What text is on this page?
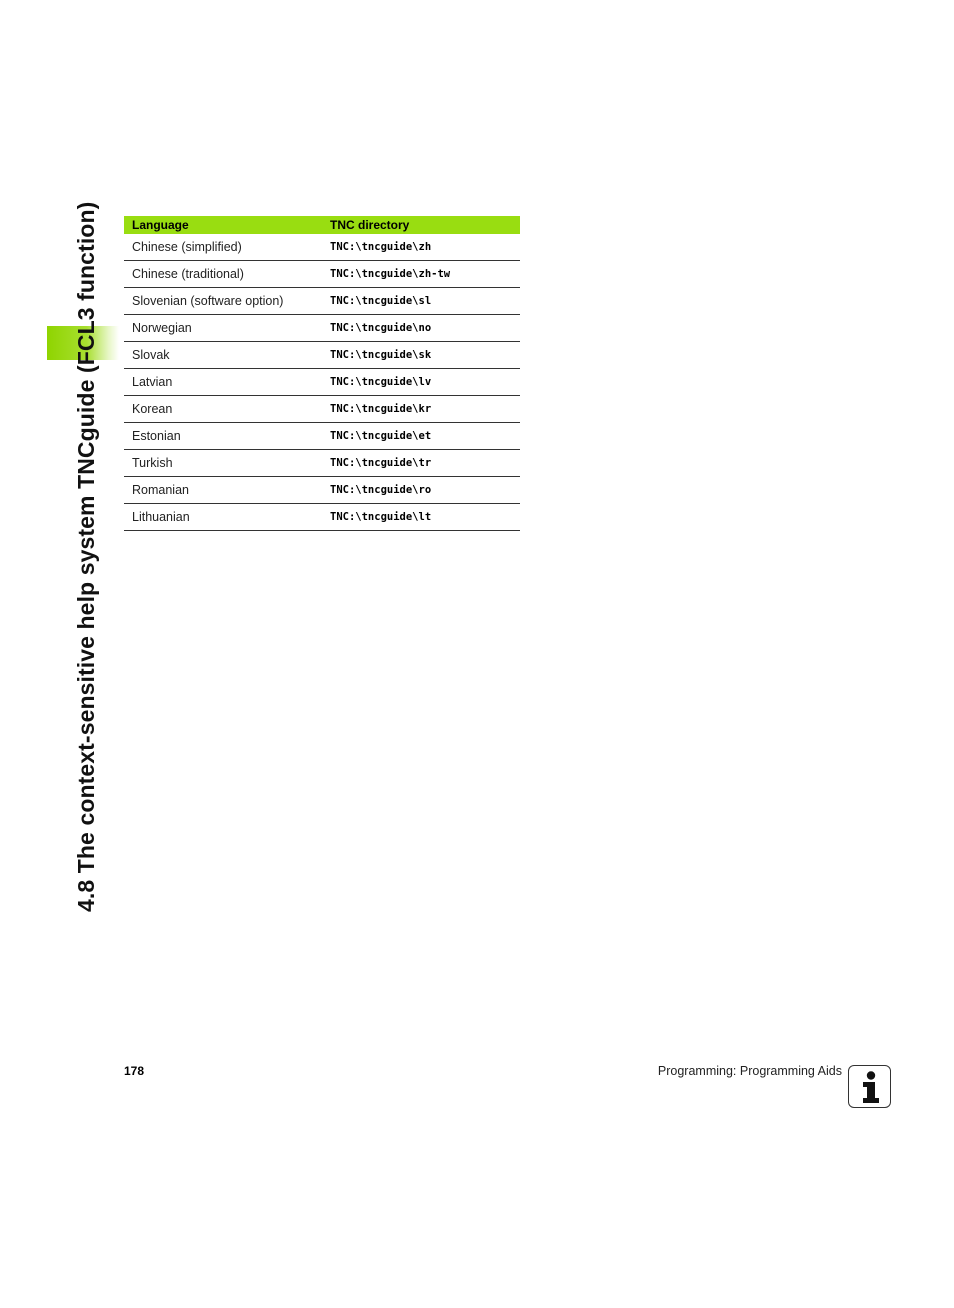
4.8 The context-sensitive help system TNCguide (FCL3 function)	Language	TNC directory
Chinese (simplified)	TNC:\tncguide\zh
Chinese (traditional)	TNC:\tncguide\zh-tw
Slovenian (software option)	TNC:\tncguide\sl
Norwegian	TNC:\tncguide\no
Slovak	TNC:\tncguide\sk
Latvian	TNC:\tncguide\lv
Korean	TNC:\tncguide\kr
Estonian	TNC:\tncguide\et
Turkish	TNC:\tncguide\tr
Romanian	TNC:\tncguide\ro
Lithuanian	TNC:\tncguide\lt
178	Programming: Programming Aids
